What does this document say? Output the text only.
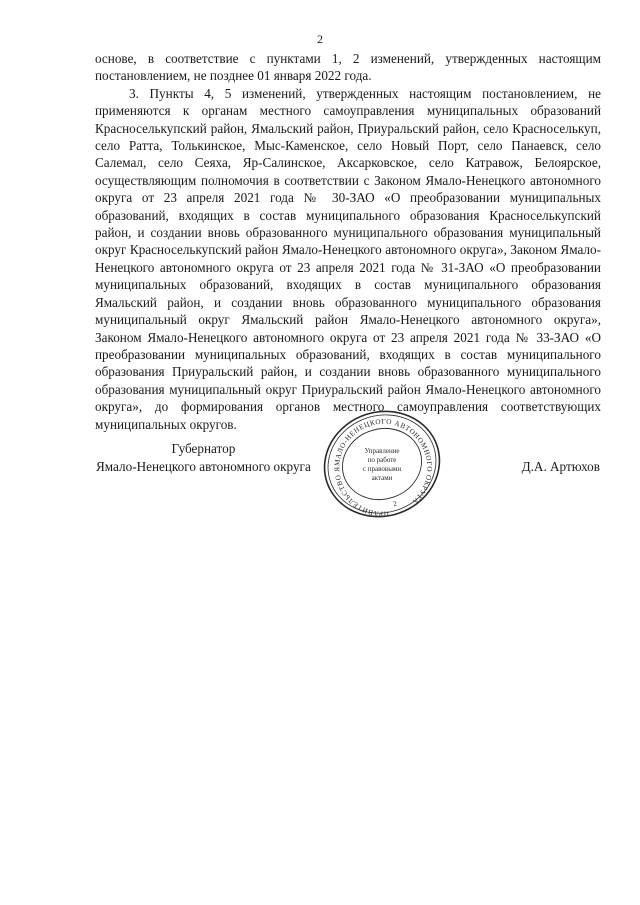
2

основе, в соответствие с пунктами 1, 2 изменений, утвержденных настоящим постановлением, не позднее 01 января 2022 года.

3. Пункты 4, 5 изменений, утвержденных настоящим постановлением, не применяются к органам местного самоуправления муниципальных образований Красноселькупский район, Ямальский район, Приуральский район, село Красноселькуп, село Ратта, Толькинское, Мыс-Каменское, село Новый Порт, село Панаевск, село Салемал, село Сеяха, Яр-Салинское, Аксарковское, село Катравож, Белоярское, осуществляющим полномочия в соответствии с Законом Ямало-Ненецкого автономного округа от 23 апреля 2021 года № 30-ЗАО «О преобразовании муниципальных образований, входящих в состав муниципального образования Красноселькупский район, и создании вновь образованного муниципального образования муниципальный округ Красноселькупский район Ямало-Ненецкого автономного округа», Законом Ямало-Ненецкого автономного округа от 23 апреля 2021 года № 31-ЗАО «О преобразовании муниципальных образований, входящих в состав муниципального образования Ямальский район, и создании вновь образованного муниципального образования муниципальный округ Ямальский район Ямало-Ненецкого автономного округа», Законом Ямало-Ненецкого автономного округа от 23 апреля 2021 года № 33-ЗАО «О преобразовании муниципальных образований, входящих в состав муниципального образования Приуральский район, и создании вновь образованного муниципального образования муниципальный округ Приуральский район Ямало-Ненецкого автономного округа», до формирования органов местного самоуправления соответствующих муниципальных округов.

Губернатор
Ямало-Ненецкого автономного округа	Д.А. Артюхов
ПРАВИТЕЛЬСТВО ЯМАЛО-НЕНЕЦКОГО АВТОНОМНОГО ОКРУГА
2
Управление
по работе
с правовыми
актами
